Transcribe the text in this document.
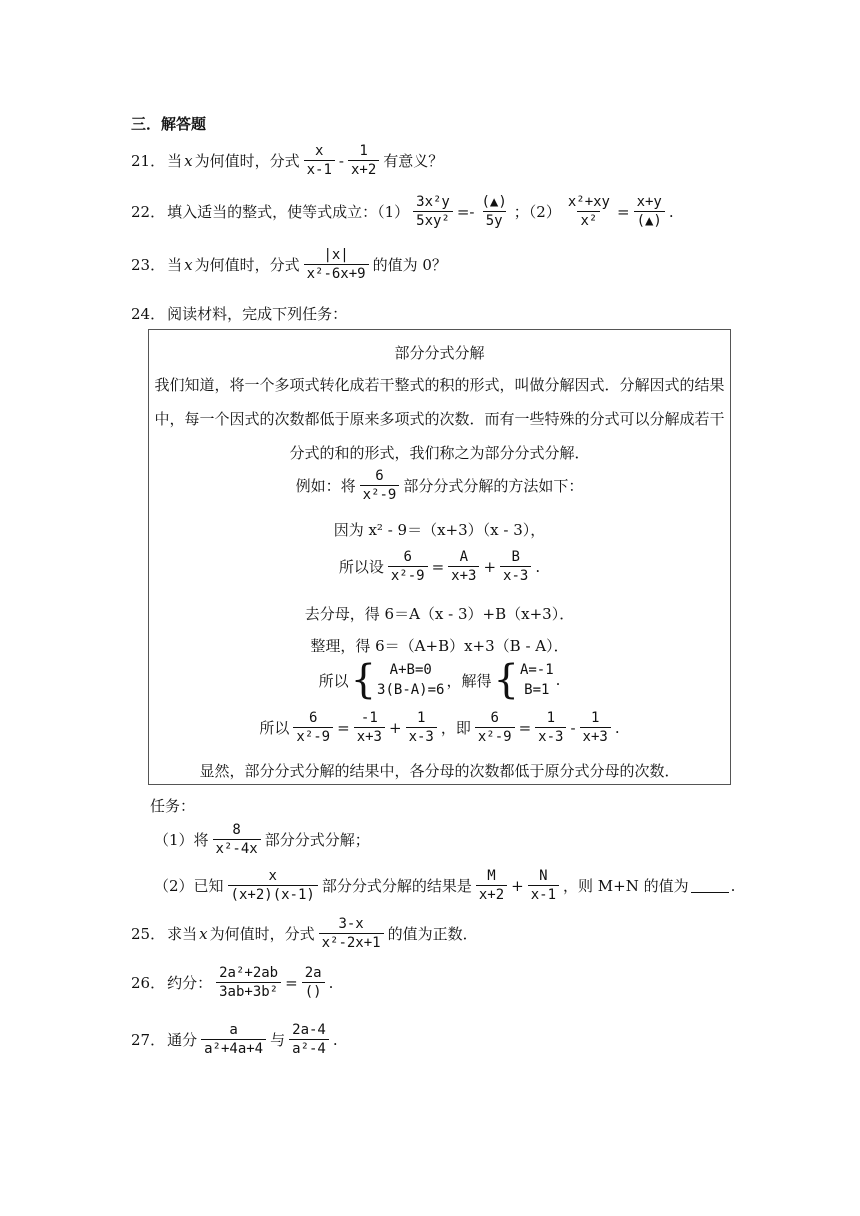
三．解答题
21． 当 x 为何值时，分式 $\frac{x}{x-1} - \frac{1}{x+2}$ 有意义？
22． 填入适当的整式，使等式成立：$(1) \frac{\text{3x²y}}{\text{5xy²}} =- \frac{(▲)}{5y}$ ；$(2) \frac{\text{x²+xy}}{\text{x²}} = \frac{x+y}{(▲)}$ .
23． 当 x 为何值时，分式 $\frac{|x|}{\text{x²-6x+9}}$ 的值为 0？
24． 阅读材料，完成下列任务：
部分分式分解
我们知道，将一个多项式转化成若干整式的积的形式，叫做分解因式．分解因式的结果
中，每一个因式的次数都低于原来多项式的次数．而有一些特殊的分式可以分解成若干
分式的和的形式，我们称之为部分分式分解．
例如：将 $\frac{6}{\text{x²-9}}$ 部分分式分解的方法如下：
因为 x² - 9＝（x+3）（x - 3），
所以设 $\frac{6}{\text{x²-9}} = \frac{A}{x+3} + \frac{B}{x-3}$ .
去分母，得 6＝A（x - 3）+B（x+3）．
整理，得 6＝（A+B）x+3（B - A）．
所以 { A+B=0
3(B-A)=6
，解得 { A=-1
B=1
.
所以 $\frac{6}{\text{x²-9}} = \frac{-1}{x+3} + \frac{1}{x-3}$ ，即 $\frac{6}{\text{x²-9}} = \frac{1}{x-3} - \frac{1}{x+3}$ .
显然，部分分式分解的结果中，各分母的次数都低于原分式分母的次数．
任务：
（1）将 $\frac{8}{\text{x²-4x}}$ 部分分式分解；
（2）已知 $\frac{x}{(x+2)(x-1)}$ 部分分式分解的结果是 $\frac{M}{x+2} + \frac{N}{x-1}$ ，则 M+N 的值为	.
25． 求当 x 为何值时，分式 $\frac{3-x}{\text{x²-2x+1}}$ 的值为正数．
26． 约分： $\frac{\text{2a²+2ab}}{\text{3ab+3b²}} = \frac{2a}{()}$ .
27． 通分 $\frac{a}{\text{a²+4a+4}}$ 与 $\frac{2a-4}{\text{a²-4}}$ .
